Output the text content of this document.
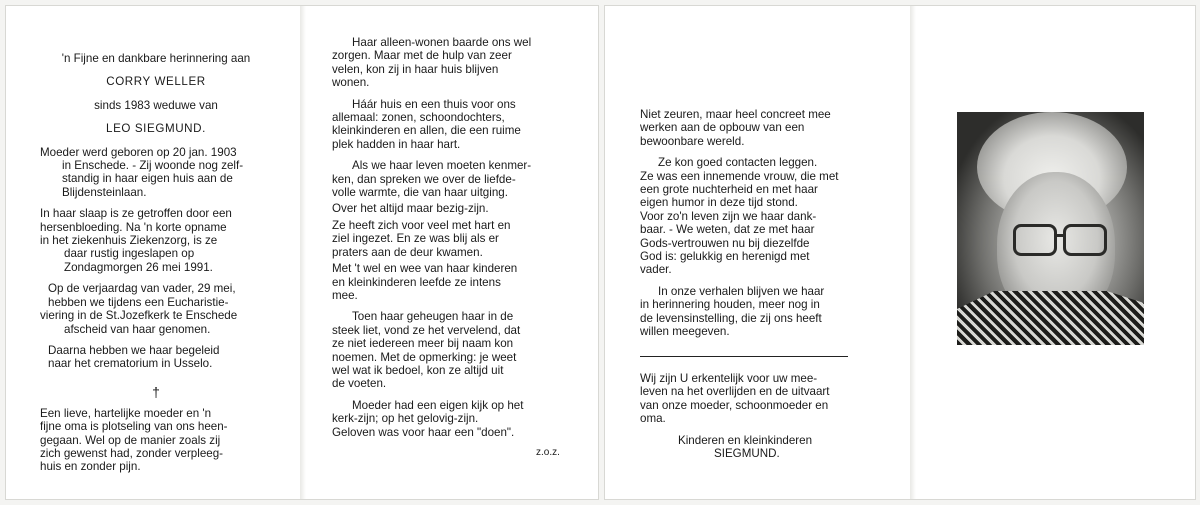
'n Fijne en dankbare herinnering aan

CORRY WELLER

sinds 1983 weduwe van

LEO SIEGMUND.

Moeder werd geboren op 20 jan. 1903
in Enschede. - Zij woonde nog zelf-
standig in haar eigen huis aan de
Blijdensteinlaan.

In haar slaap is ze getroffen door een
hersenbloeding. Na 'n korte opname
in het ziekenhuis Ziekenzorg, is ze
daar rustig ingeslapen op
Zondagmorgen 26 mei 1991.

Op de verjaardag van vader, 29 mei,
hebben we tijdens een Eucharistie-
viering in de St.Jozefkerk te Enschede
afscheid van haar genomen.

Daarna hebben we haar begeleid
naar het crematorium in Usselo.

†

Een lieve, hartelijke moeder en 'n
fijne oma is plotseling van ons heen-
gegaan. Wel op de manier zoals zij
zich gewenst had, zonder verpleeg-
huis en zonder pijn.

Haar alleen-wonen baarde ons wel
zorgen. Maar met de hulp van zeer
velen, kon zij in haar huis blijven
wonen.

Háár huis en een thuis voor ons
allemaal: zonen, schoondochters,
kleinkinderen en allen, die een ruime
plek hadden in haar hart.

Als we haar leven moeten kenmer-
ken, dan spreken we over de liefde-
volle warmte, die van haar uitging.

Over het altijd maar bezig-zijn.

Ze heeft zich voor veel met hart en
ziel ingezet. En ze was blij als er
praters aan de deur kwamen.

Met 't wel en wee van haar kinderen
en kleinkinderen leefde ze intens
mee.

Toen haar geheugen haar in de
steek liet, vond ze het vervelend, dat
ze niet iedereen meer bij naam kon
noemen. Met de opmerking: je weet
wel wat ik bedoel, kon ze altijd uit
de voeten.

Moeder had een eigen kijk op het
kerk-zijn; op het gelovig-zijn.
Geloven was voor haar een "doen".

z.o.z.

Niet zeuren, maar heel concreet mee
werken aan de opbouw van een
bewoonbare wereld.

Ze kon goed contacten leggen.
Ze was een innemende vrouw, die met
een grote nuchterheid en met haar
eigen humor in deze tijd stond.
Voor zo'n leven zijn we haar dank-
baar. - We weten, dat ze met haar
Gods-vertrouwen nu bij diezelfde
God is: gelukkig en herenigd met
vader.

In onze verhalen blijven we haar
in herinnering houden, meer nog in
de levensinstelling, die zij ons heeft
willen meegeven.

Wij zijn U erkentelijk voor uw mee-
leven na het overlijden en de uitvaart
van onze moeder, schoonmoeder en
oma.

Kinderen en kleinkinderen

SIEGMUND.
